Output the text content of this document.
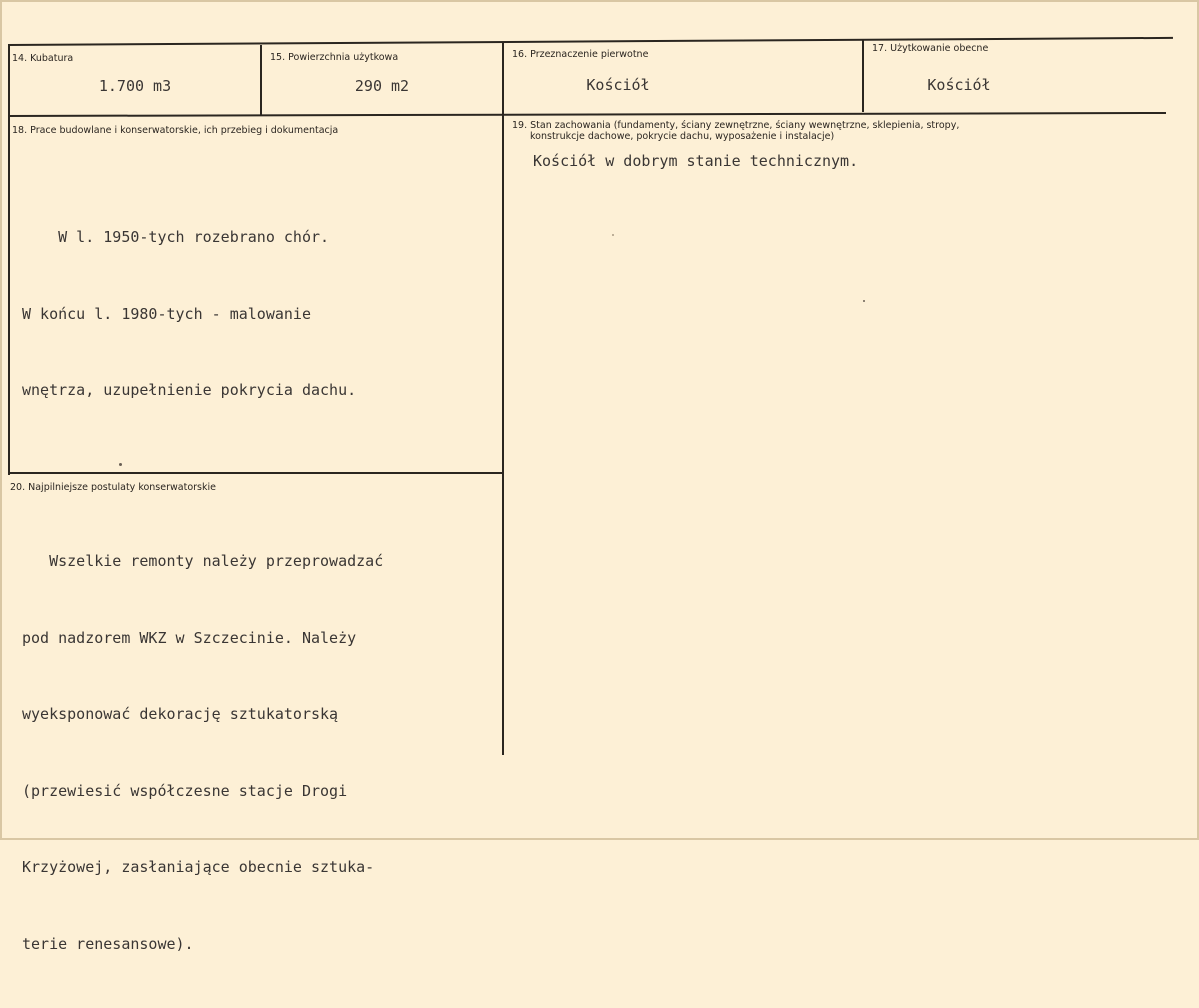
14. Kubatura
1.700 m3
15. Powierzchnia użytkowa
290 m2
16. Przeznaczenie pierwotne
Kościół
17. Użytkowanie obecne
Kościół
18. Prace budowlane i konserwatorskie, ich przebieg i dokumentacja

W l. 1950-tych rozebrano chór.

W końcu l. 1980-tych - malowanie

wnętrza, uzupełnienie pokrycia dachu.

19. Stan zachowania (fundamenty, ściany zewnętrzne, ściany wewnętrzne, sklepienia, stropy,
konstrukcje dachowe, pokrycie dachu, wyposażenie i instalacje)
Kościół w dobrym stanie technicznym.
20. Najpilniejsze postulaty konserwatorskie

Wszelkie remonty należy przeprowadzać

pod nadzorem WKZ w Szczecinie. Należy

wyeksponować dekorację sztukatorską

(przewiesić współczesne stacje Drogi

Krzyżowej, zasłaniające obecnie sztuka-

terie renesansowe).
